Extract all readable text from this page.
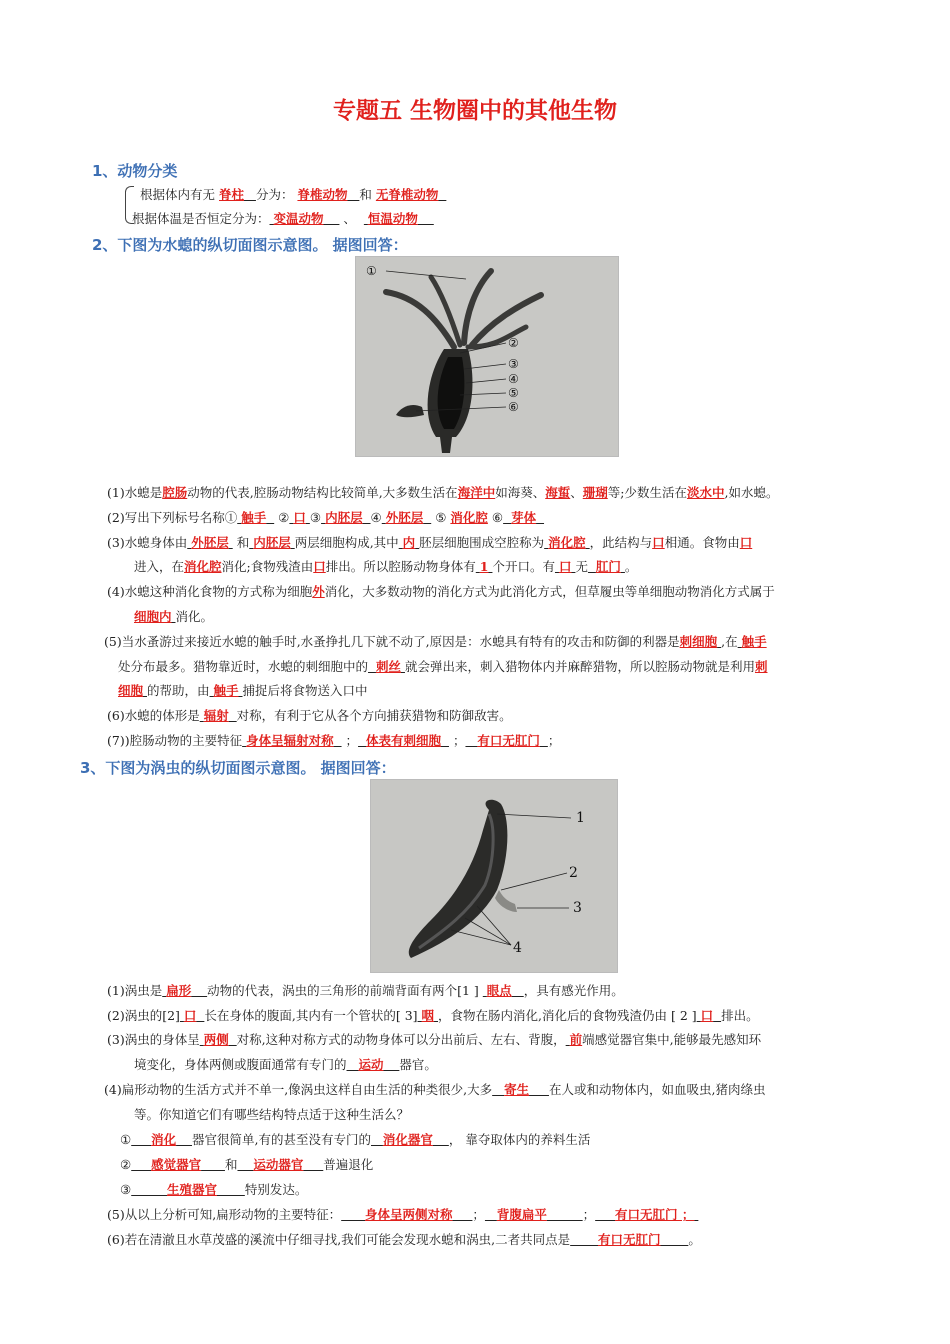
专题五 生物圈中的其他生物
1、动物分类
根据体内有无 脊柱 分为： 脊椎动物 和 无脊椎动物
根据体温是否恒定分为： 变温动物 、 恒温动物
2、下图为水螅的纵切面图示意图。 据图回答：
①
②
③
④
⑤
⑥
(1)水螅是腔肠动物的代表,腔肠动物结构比较简单,大多数生活在海洋中如海葵、海蜇、珊瑚等;少数生活在淡水中,如水螅。
(2)写出下列标号名称① 触手 ② 口 ③ 内胚层 ④ 外胚层 ⑤ 消化腔 ⑥ 芽体
(3)水螅身体由 外胚层 和 内胚层 两层细胞构成,其中 内 胚层细胞围成空腔称为 消化腔 ，此结构与口相通。食物由口
进入，在消化腔消化;食物残渣由口排出。所以腔肠动物身体有 1 个开口。有 口 无 肛门 。
(4)水螅这种消化食物的方式称为细胞外消化，大多数动物的消化方式为此消化方式，但草履虫等单细胞动物消化方式属于
细胞内 消化。
(5)当水蚤游过来接近水螅的触手时,水蚤挣扎几下就不动了,原因是：水螅具有特有的攻击和防御的利器是刺细胞 ,在 触手
处分布最多。猎物靠近时，水螅的刺细胞中的 刺丝 就会弹出来，刺入猎物体内并麻醉猎物，所以腔肠动物就是利用刺
细胞 的帮助，由 触手 捕捉后将食物送入口中
(6)水螅的体形是 辐射 对称，有利于它从各个方向捕获猎物和防御敌害。
(7))腔肠动物的主要特征 身体呈辐射对称 ； 体表有刺细胞 ； 有口无肛门 ；
3、下图为涡虫的纵切面图示意图。 据图回答：
1
2
3
4
(1)涡虫是 扁形 动物的代表，涡虫的三角形的前端背面有两个[1 ] 眼点 ，具有感光作用。
(2)涡虫的[2] 口 长在身体的腹面,其内有一个管状的[ 3] 咽 ，食物在肠内消化,消化后的食物残渣仍由 [ 2 ] 口 排出。
(3)涡虫的身体呈 两侧 对称,这种对称方式的动物身体可以分出前后、左右、背腹， 前端感觉器官集中,能够最先感知环
境变化，身体两侧或腹面通常有专门的 运动 器官。
(4)扁形动物的生活方式并不单一,像涡虫这样自由生活的种类很少,大多 寄生 在人或和动物体内，如血吸虫,猪肉绦虫
等。你知道它们有哪些结构特点适于这种生活么？
① 消化 器官很简单,有的甚至没有专门的 消化器官 ， 靠夺取体内的养料生活
② 感觉器官 和 运动器官 普遍退化
③	生殖器官 特别发达。
(5)从以上分析可知,扁形动物的主要特征： 身体呈两侧对称 ； 背腹扁平	； 有口无肛门 ；
(6)若在清澈且水草茂盛的溪流中仔细寻找,我们可能会发现水螅和涡虫,二者共同点是 有口无肛门 。
